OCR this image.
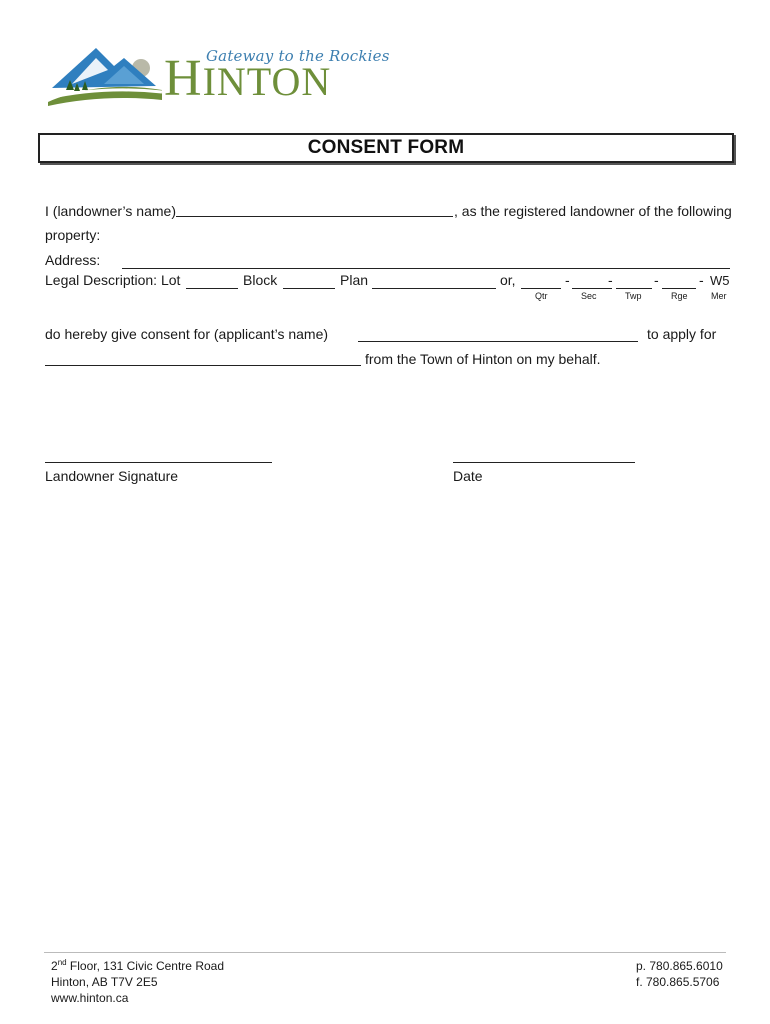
Gateway to the Rockies
HINTON
CONSENT FORM
I (landowner’s name)	, as the registered landowner of the following
property:
Address:
Legal Description: Lot	Block	Plan	or,	-	-	-	- W5
Qtr	Sec	Twp	Rge	Mer
do hereby give consent for (applicant’s name)	to apply for
from the Town of Hinton on my behalf.
Landowner Signature	Date
2nd Floor, 131 Civic Centre Road
Hinton, AB T7V 2E5
www.hinton.ca
p. 780.865.6010
f. 780.865.5706
